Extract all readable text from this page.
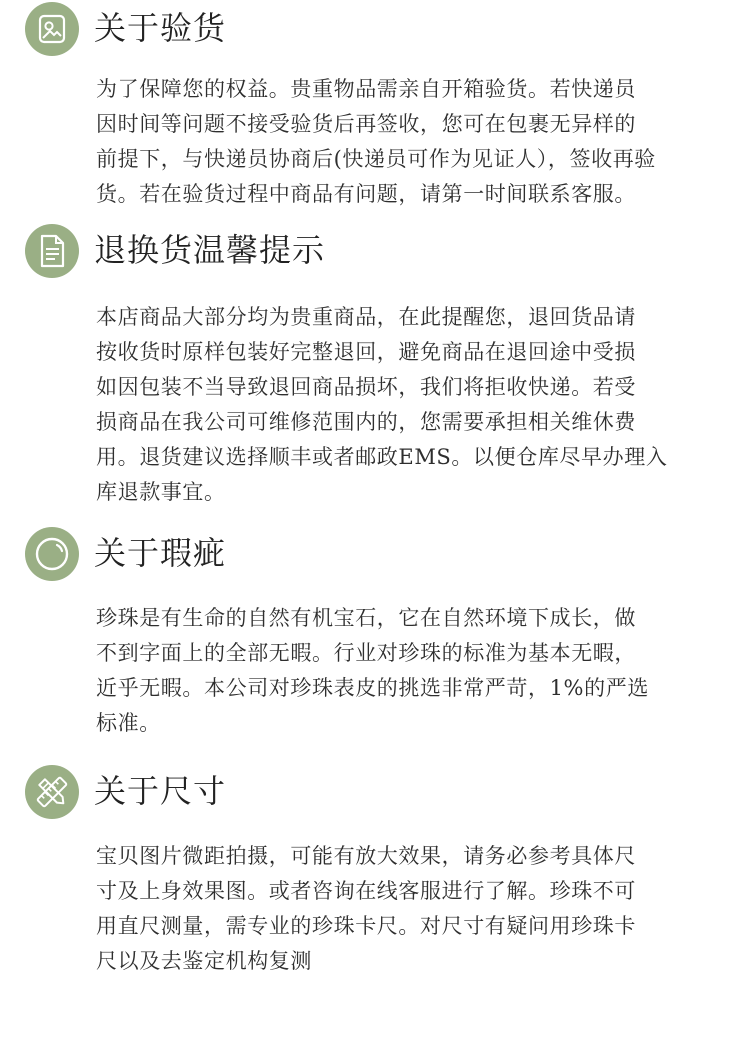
关于验货
为了保障您的权益。贵重物品需亲自开箱验货。若快递员
因时间等问题不接受验货后再签收，您可在包裹无异样的
前提下，与快递员协商后(快递员可作为见证人），签收再验
货。若在验货过程中商品有问题，请第一时间联系客服。
退换货温馨提示
本店商品大部分均为贵重商品，在此提醒您，退回货品请
按收货时原样包装好完整退回，避免商品在退回途中受损
如因包装不当导致退回商品损坏，我们将拒收快递。若受
损商品在我公司可维修范围内的，您需要承担相关维休费
用。退货建议选择顺丰或者邮政EMS。以便仓库尽早办理入
库退款事宜。
关于瑕疵
珍珠是有生命的自然有机宝石，它在自然环境下成长，做
不到字面上的全部无暇。行业对珍珠的标准为基本无暇，
近乎无暇。本公司对珍珠表皮的挑选非常严苛，1%的严选
标准。
关于尺寸
宝贝图片微距拍摄，可能有放大效果，请务必参考具体尺
寸及上身效果图。或者咨询在线客服进行了解。珍珠不可
用直尺测量，需专业的珍珠卡尺。对尺寸有疑问用珍珠卡
尺以及去鉴定机构复测
